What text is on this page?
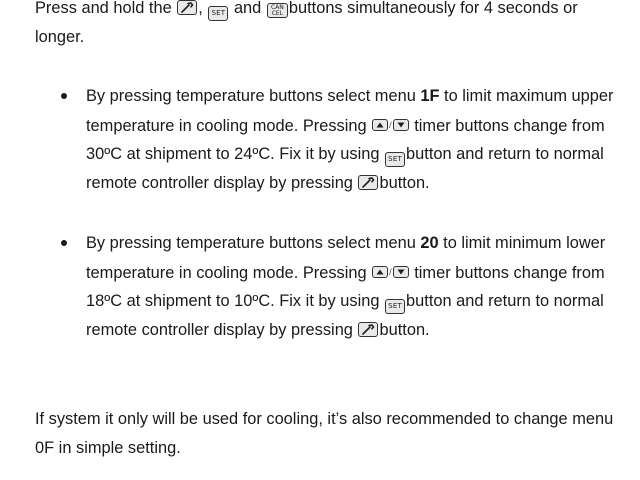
Press and hold the , SET and CAN
CEL buttons simultaneously for 4 seconds or
longer.
By pressing temperature buttons select menu 1F to limit maximum upper
temperature in cooling mode. Pressing
/
timer buttons change from
30ºC at shipment to 24ºC. Fix it by using SET button and return to normal
remote controller display by pressing
button.
By pressing temperature buttons select menu 20 to limit minimum lower
temperature in cooling mode. Pressing
/
timer buttons change from
18ºC at shipment to 10ºC. Fix it by using SET button and return to normal
remote controller display by pressing
button.
If system it only will be used for cooling, it’s also recommended to change menu
0F in simple setting.
